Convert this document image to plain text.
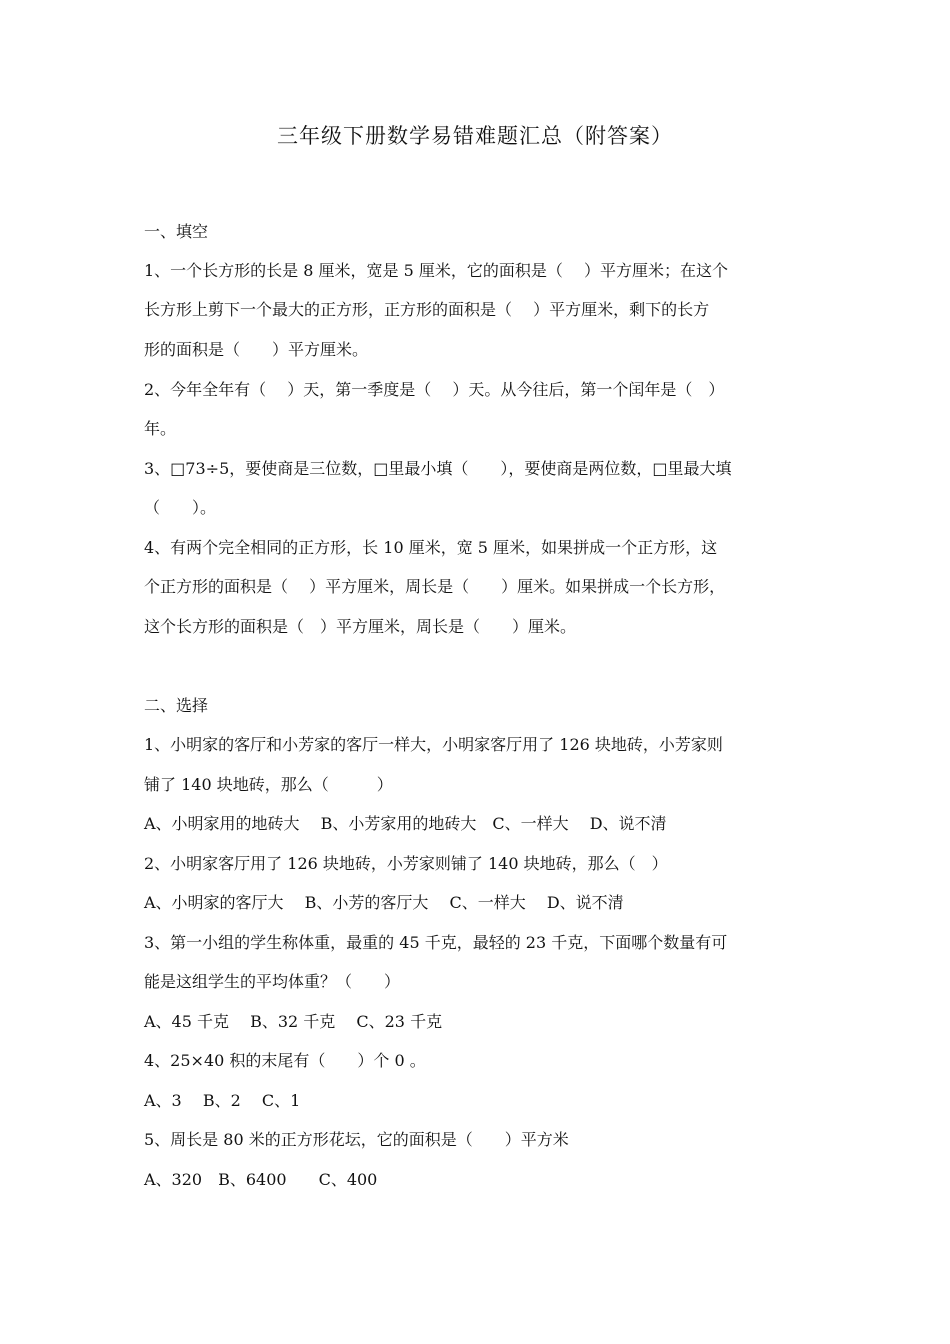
三年级下册数学易错难题汇总（附答案）
一、填空
1、一个长方形的长是 8 厘米，宽是 5 厘米，它的面积是（　 ）平方厘米；在这个
长方形上剪下一个最大的正方形，正方形的面积是（　 ）平方厘米，剩下的长方
形的面积是（　　）平方厘米。
2、今年全年有（　 ）天，第一季度是（　 ）天。从今往后，第一个闰年是（　）
年。
3、□73÷5，要使商是三位数，□里最小填（　　），要使商是两位数，□里最大填
（　　）。
4、有两个完全相同的正方形，长 10 厘米，宽 5 厘米，如果拼成一个正方形，这
个正方形的面积是（　 ）平方厘米，周长是（　　）厘米。如果拼成一个长方形，
这个长方形的面积是（　）平方厘米，周长是（　　）厘米。
二、选择
1、小明家的客厅和小芳家的客厅一样大，小明家客厅用了 126 块地砖，小芳家则
铺了 140 块地砖，那么（　　　）
A、小明家用的地砖大　 B、小芳家用的地砖大　C、一样大　 D、说不清
2、小明家客厅用了 126 块地砖，小芳家则铺了 140 块地砖，那么（　）
A、小明家的客厅大　 B、小芳的客厅大　 C、一样大　 D、说不清
3、第一小组的学生称体重，最重的 45 千克，最轻的 23 千克，下面哪个数量有可
能是这组学生的平均体重？（　　）
A、45 千克　 B、32 千克　 C、23 千克
4、25×40 积的末尾有（　　）个 0 。
A、3　 B、2　 C、1
5、周长是 80 米的正方形花坛，它的面积是（　　）平方米
A、320　B、6400　　C、400
